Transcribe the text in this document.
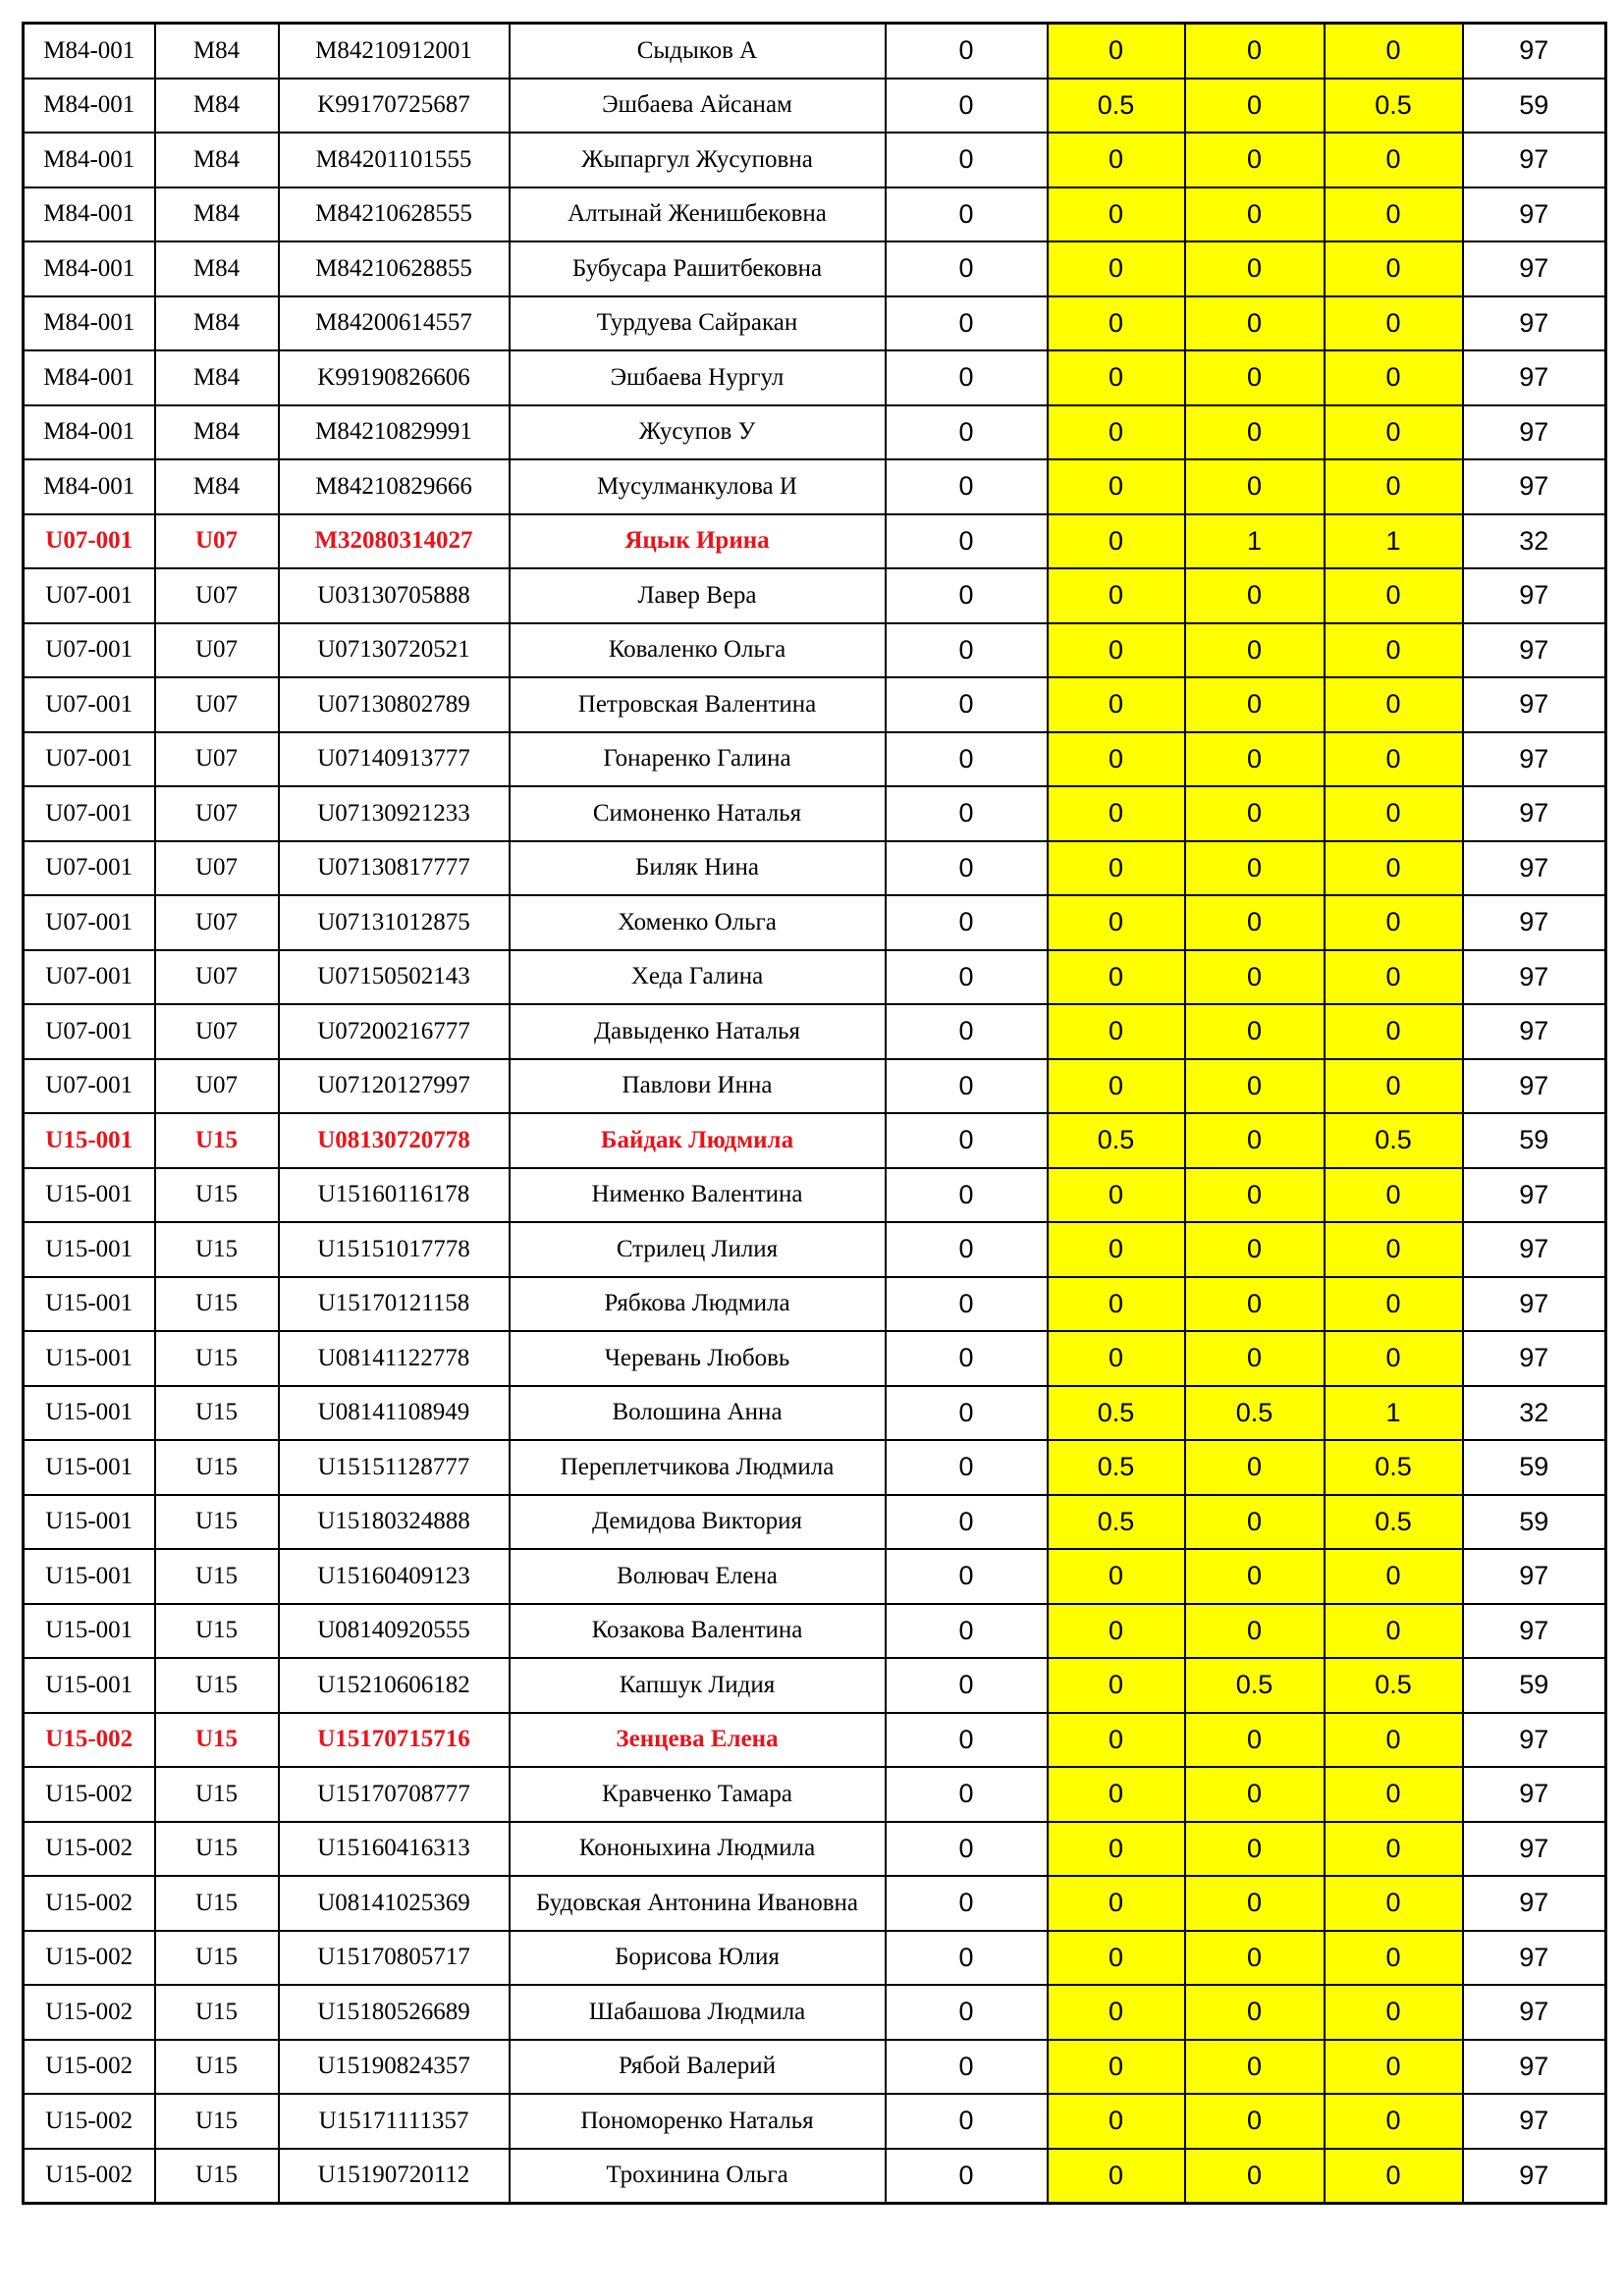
M84-001	M84	M84210912001	Сыдыков А	0	0	0	0	97
M84-001	M84	K99170725687	Эшбаева Айсанам	0	0.5	0	0.5	59
M84-001	M84	M84201101555	Жыпаргул Жусуповна	0	0	0	0	97
M84-001	M84	M84210628555	Алтынай Женишбековна	0	0	0	0	97
M84-001	M84	M84210628855	Бубусара Рашитбековна	0	0	0	0	97
M84-001	M84	M84200614557	Турдуева Сайракан	0	0	0	0	97
M84-001	M84	K99190826606	Эшбаева Нургул	0	0	0	0	97
M84-001	M84	M84210829991	Жусупов У	0	0	0	0	97
M84-001	M84	M84210829666	Мусулманкулова И	0	0	0	0	97
U07-001	U07	M32080314027	Яцык Ирина	0	0	1	1	32
U07-001	U07	U03130705888	Лавер Вера	0	0	0	0	97
U07-001	U07	U07130720521	Коваленко Ольга	0	0	0	0	97
U07-001	U07	U07130802789	Петровская Валентина	0	0	0	0	97
U07-001	U07	U07140913777	Гонаренко Галина	0	0	0	0	97
U07-001	U07	U07130921233	Симоненко Наталья	0	0	0	0	97
U07-001	U07	U07130817777	Биляк Нина	0	0	0	0	97
U07-001	U07	U07131012875	Хоменко Ольга	0	0	0	0	97
U07-001	U07	U07150502143	Хеда Галина	0	0	0	0	97
U07-001	U07	U07200216777	Давыденко Наталья	0	0	0	0	97
U07-001	U07	U07120127997	Павлови Инна	0	0	0	0	97
U15-001	U15	U08130720778	Байдак Людмила	0	0.5	0	0.5	59
U15-001	U15	U15160116178	Нименко Валентина	0	0	0	0	97
U15-001	U15	U15151017778	Стрилец Лилия	0	0	0	0	97
U15-001	U15	U15170121158	Рябкова Людмила	0	0	0	0	97
U15-001	U15	U08141122778	Черевань Любовь	0	0	0	0	97
U15-001	U15	U08141108949	Волошина Анна	0	0.5	0.5	1	32
U15-001	U15	U15151128777	Переплетчикова Людмила	0	0.5	0	0.5	59
U15-001	U15	U15180324888	Демидова Виктория	0	0.5	0	0.5	59
U15-001	U15	U15160409123	Волювач Елена	0	0	0	0	97
U15-001	U15	U08140920555	Козакова Валентина	0	0	0	0	97
U15-001	U15	U15210606182	Капшук Лидия	0	0	0.5	0.5	59
U15-002	U15	U15170715716	Зенцева Елена	0	0	0	0	97
U15-002	U15	U15170708777	Кравченко Тамара	0	0	0	0	97
U15-002	U15	U15160416313	Кононыхина Людмила	0	0	0	0	97
U15-002	U15	U08141025369	Будовская Антонина Ивановна	0	0	0	0	97
U15-002	U15	U15170805717	Борисова Юлия	0	0	0	0	97
U15-002	U15	U15180526689	Шабашова Людмила	0	0	0	0	97
U15-002	U15	U15190824357	Рябой Валерий	0	0	0	0	97
U15-002	U15	U15171111357	Пономоренко Наталья	0	0	0	0	97
U15-002	U15	U15190720112	Трохинина Ольга	0	0	0	0	97
